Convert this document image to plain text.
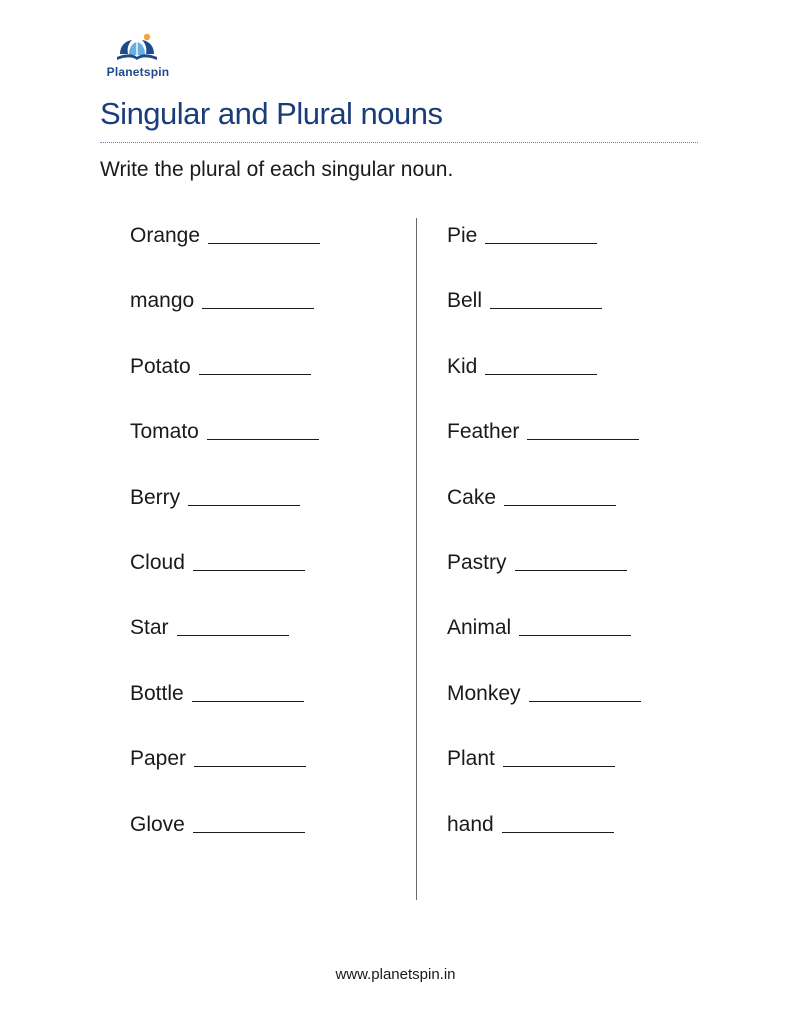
Planetspin
Singular and Plural nouns

Write the plural of each singular noun.

Orange
mango
Potato
Tomato
Berry
Cloud
Star
Bottle
Paper
Glove
Pie
Bell
Kid
Feather
Cake
Pastry
Animal
Monkey
Plant
hand
www.planetspin.in
